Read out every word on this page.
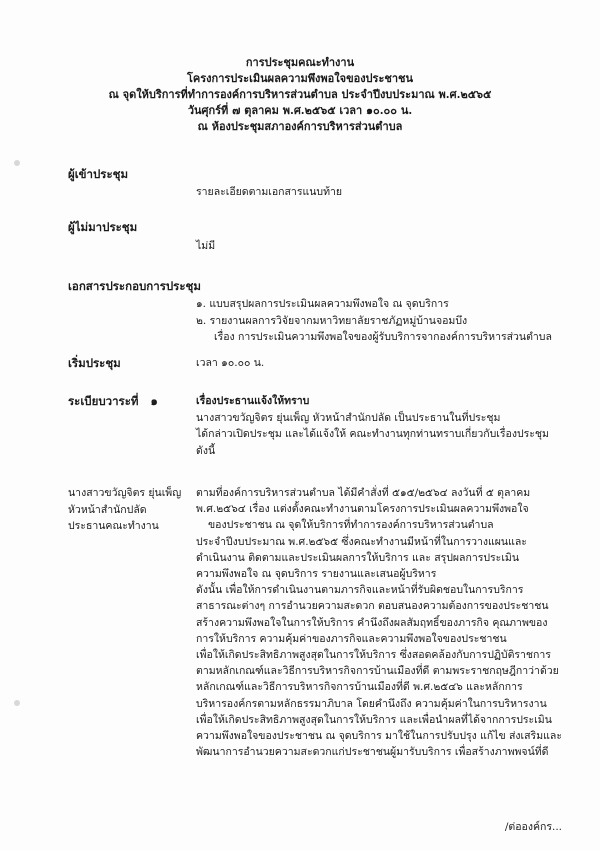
การประชุมคณะทำงาน
โครงการประเมินผลความพึงพอใจของประชาชน
ณ จุดให้บริการที่ทำการองค์การบริหารส่วนตำบล ประจำปีงบประมาณ พ.ศ.๒๕๖๕
วันศุกร์ที่ ๗ ตุลาคม พ.ศ.๒๕๖๕ เวลา ๑๐.๐๐ น.
ณ ห้องประชุมสภาองค์การบริหารส่วนตำบล
ผู้เข้าประชุม
รายละเอียดตามเอกสารแนบท้าย
ผู้ไม่มาประชุม
ไม่มี
เอกสารประกอบการประชุม
๑. แบบสรุปผลการประเมินผลความพึงพอใจ ณ จุดบริการ
๒. รายงานผลการวิจัยจากมหาวิทยาลัยราชภัฏหมู่บ้านจอมบึง
เรื่อง การประเมินความพึงพอใจของผู้รับบริการจากองค์การบริหารส่วนตำบล
เริ่มประชุม	เวลา ๑๐.๐๐ น.
ระเบียบวาระที่ ๑	เรื่องประธานแจ้งให้ทราบ
นางสาวขวัญจิตร ยุ่นเพ็ญ หัวหน้าสำนักปลัด เป็นประธานในที่ประชุม
ได้กล่าวเปิดประชุม และได้แจ้งให้ คณะทำงานทุกท่านทราบเกี่ยวกับเรื่องประชุม
ดังนี้
นางสาวขวัญจิตร ยุ่นเพ็ญ
หัวหน้าสำนักปลัด
ประธานคณะทำงาน
ตามที่องค์การบริหารส่วนตำบล ได้มีคำสั่งที่ ๕๑๕/๒๕๖๔ ลงวันที่ ๕ ตุลาคม
พ.ศ.๒๕๖๔ เรื่อง แต่งตั้งคณะทำงานตามโครงการประเมินผลความพึงพอใจ
ของประชาชน ณ จุดให้บริการที่ทำการองค์การบริหารส่วนตำบล
ประจำปีงบประมาณ พ.ศ.๒๕๖๕ ซึ่งคณะทำงานมีหน้าที่ในการวางแผนและ
ดำเนินงาน ติดตามและประเมินผลการให้บริการ และ สรุปผลการประเมิน
ความพึงพอใจ ณ จุดบริการ รายงานและเสนอผู้บริหาร
ดังนั้น เพื่อให้การดำเนินงานตามภารกิจและหน้าที่รับผิดชอบในการบริการ
สาธารณะต่างๆ การอำนวยความสะดวก ตอบสนองความต้องการของประชาชน
สร้างความพึงพอใจในการให้บริการ คำนึงถึงผลสัมฤทธิ์ของภารกิจ คุณภาพของ
การให้บริการ ความคุ้มค่าของภารกิจและความพึงพอใจของประชาชน
เพื่อให้เกิดประสิทธิภาพสูงสุดในการให้บริการ ซึ่งสอดคล้องกับการปฏิบัติราชการ
ตามหลักเกณฑ์และวิธีการบริหารกิจการบ้านเมืองที่ดี ตามพระราชกฤษฎีกาว่าด้วย
หลักเกณฑ์และวิธีการบริหารกิจการบ้านเมืองที่ดี พ.ศ.๒๕๔๖ และหลักการ
บริหารองค์กรตามหลักธรรมาภิบาล โดยคำนึงถึง ความคุ้มค่าในการบริหารงาน
เพื่อให้เกิดประสิทธิภาพสูงสุดในการให้บริการ และเพื่อนำผลที่ได้จากการประเมิน
ความพึงพอใจของประชาชน ณ จุดบริการ มาใช้ในการปรับปรุง แก้ไข ส่งเสริมและ
พัฒนาการอำนวยความสะดวกแก่ประชาชนผู้มารับบริการ เพื่อสร้างภาพพจน์ที่ดี
/ต่อองค์กร...
